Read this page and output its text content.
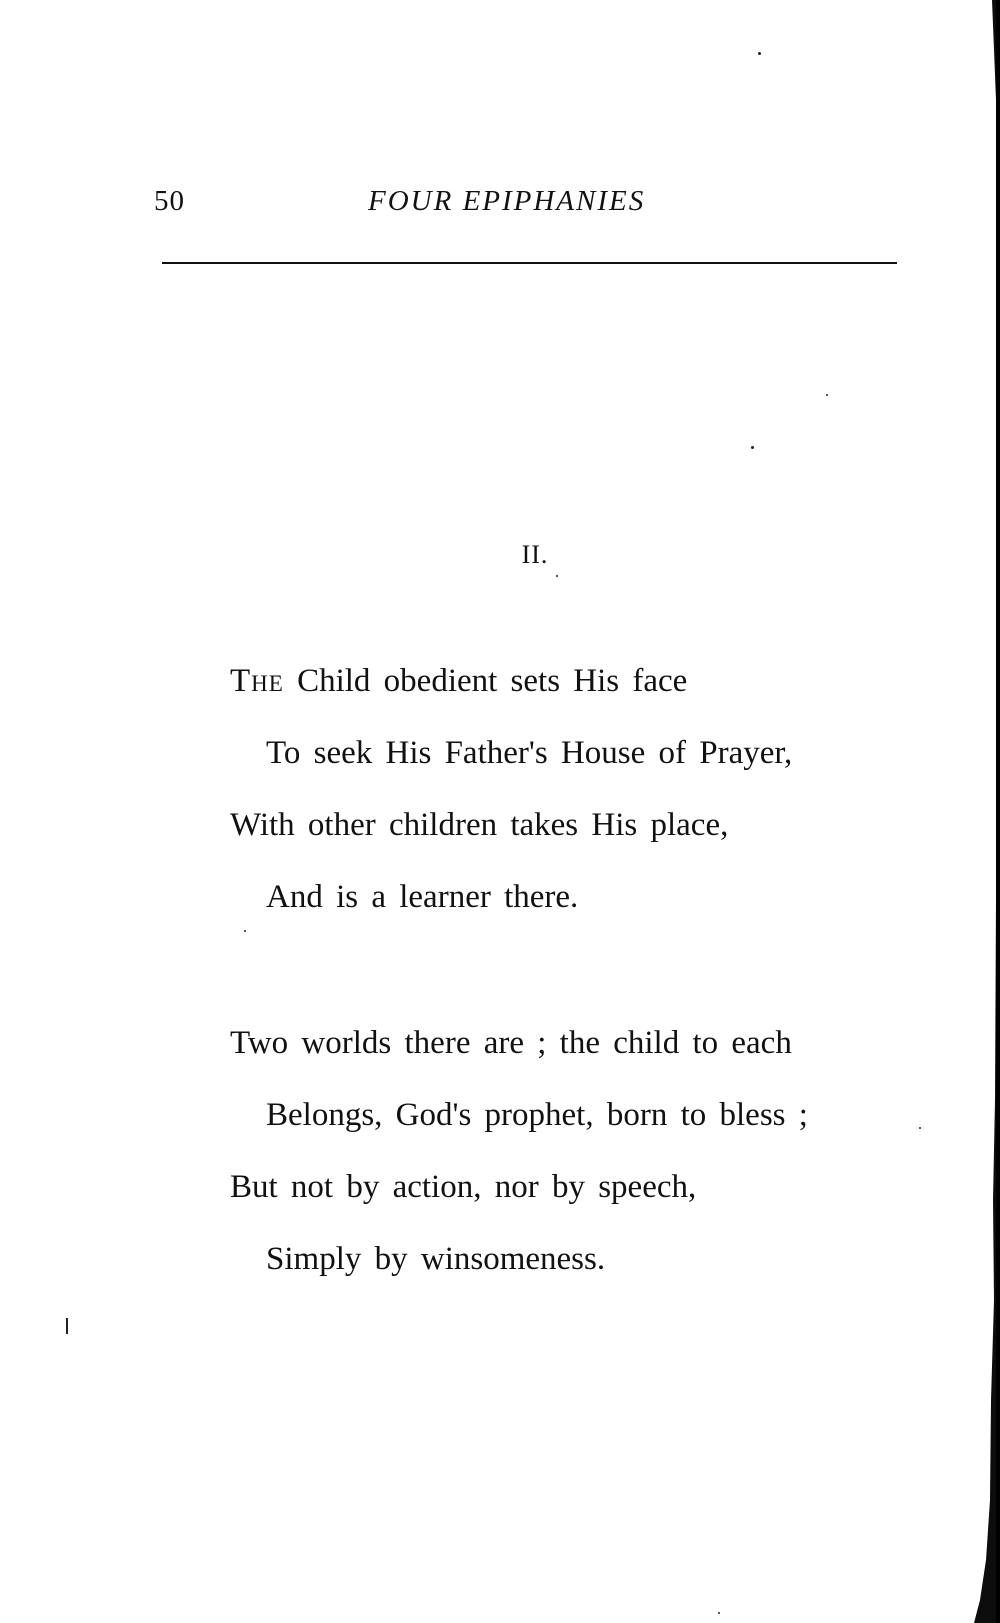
50	FOUR EPIPHANIES
II.
The Child obedient sets His face
To seek His Father's House of Prayer,
With other children takes His place,
And is a learner there.
Two worlds there are ; the child to each
Belongs, God's prophet, born to bless ;
But not by action, nor by speech,
Simply by winsomeness.
